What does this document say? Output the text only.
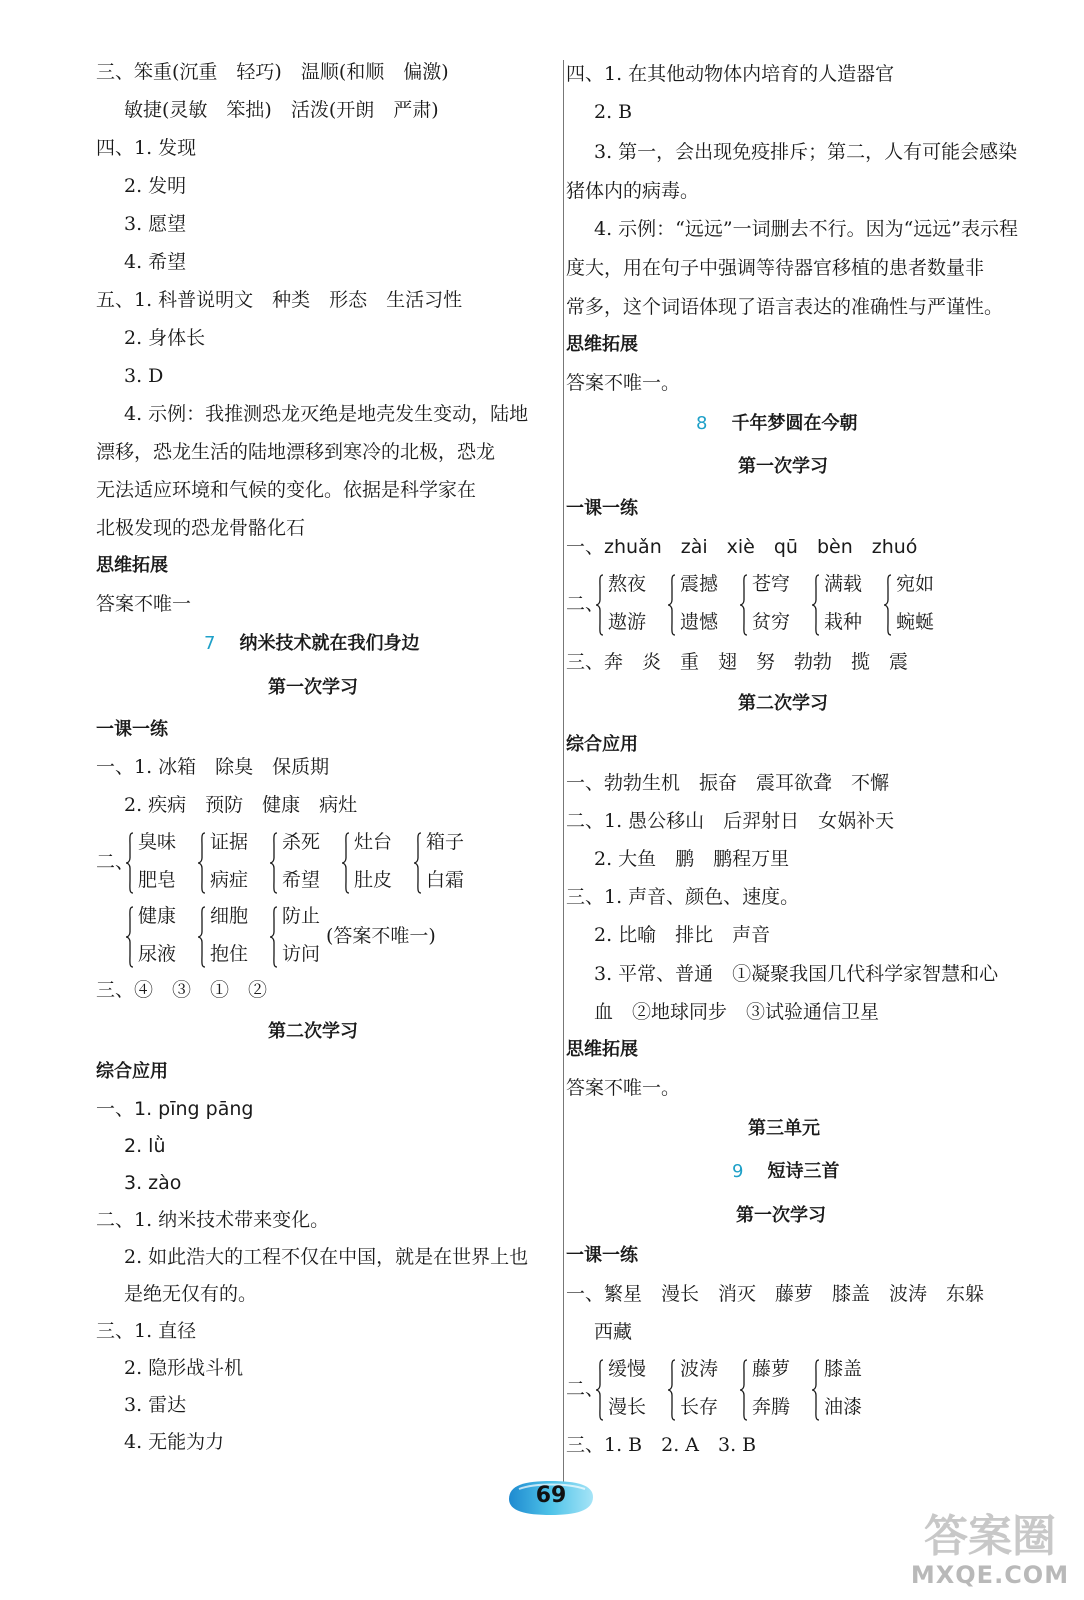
三、笨重(沉重　轻巧)　温顺(和顺　偏激)
敏捷(灵敏　笨拙)　活泼(开朗　严肃)
四、1. 发现
2. 发明
3. 愿望
4. 希望
五、1. 科普说明文　种类　形态　生活习性
2. 身体长
3. D
4. 示例：我推测恐龙灭绝是地壳发生变动，陆地
漂移，恐龙生活的陆地漂移到寒冷的北极，恐龙
无法适应环境和气候的变化。依据是科学家在
北极发现的恐龙骨骼化石
思维拓展
答案不唯一
7 纳米技术就在我们身边
第一次学习
一课一练
一、1. 冰箱　除臭　保质期
2. 疾病　预防　健康　病灶
二、
臭味
肥皂
证据
病症
杀死
希望
灶台
肚皮
箱子
白霜
健康
尿液
细胞
抱住
防止
访问
(答案不唯一)
三、④　③　①　②
第二次学习
综合应用
一、1. pīng pāng
2. lǜ
3. zào
二、1. 纳米技术带来变化。
2. 如此浩大的工程不仅在中国，就是在世界上也
是绝无仅有的。
三、1. 直径
2. 隐形战斗机
3. 雷达
4. 无能为力
四、1. 在其他动物体内培育的人造器官
2. B
3. 第一，会出现免疫排斥；第二，人有可能会感染
猪体内的病毒。
4. 示例：“远远”一词删去不行。因为“远远”表示程
度大，用在句子中强调等待器官移植的患者数量非
常多，这个词语体现了语言表达的准确性与严谨性。
思维拓展
答案不唯一。
8 千年梦圆在今朝
第一次学习
一课一练
一、zhuǎn　zài　xiè　qū　bèn　zhuó
二、
熬夜
遨游
震撼
遗憾
苍穹
贫穷
满载
栽种
宛如
蜿蜒
三、奔　炎　重　翅　努　勃勃　揽　震
第二次学习
综合应用
一、勃勃生机　振奋　震耳欲聋　不懈
二、1. 愚公移山　后羿射日　女娲补天
2. 大鱼　鹏　鹏程万里
三、1. 声音、颜色、速度。
2. 比喻　排比　声音
3. 平常、普通　①凝聚我国几代科学家智慧和心
血　②地球同步　③试验通信卫星
思维拓展
答案不唯一。
第三单元
9 短诗三首
第一次学习
一课一练
一、繁星　漫长　消灭　藤萝　膝盖　波涛　东躲
西藏
二、
缓慢
漫长
波涛
长存
藤萝
奔腾
膝盖
油漆
三、1. B　2. A　3. B
69
答案圈
MXQE.COM
